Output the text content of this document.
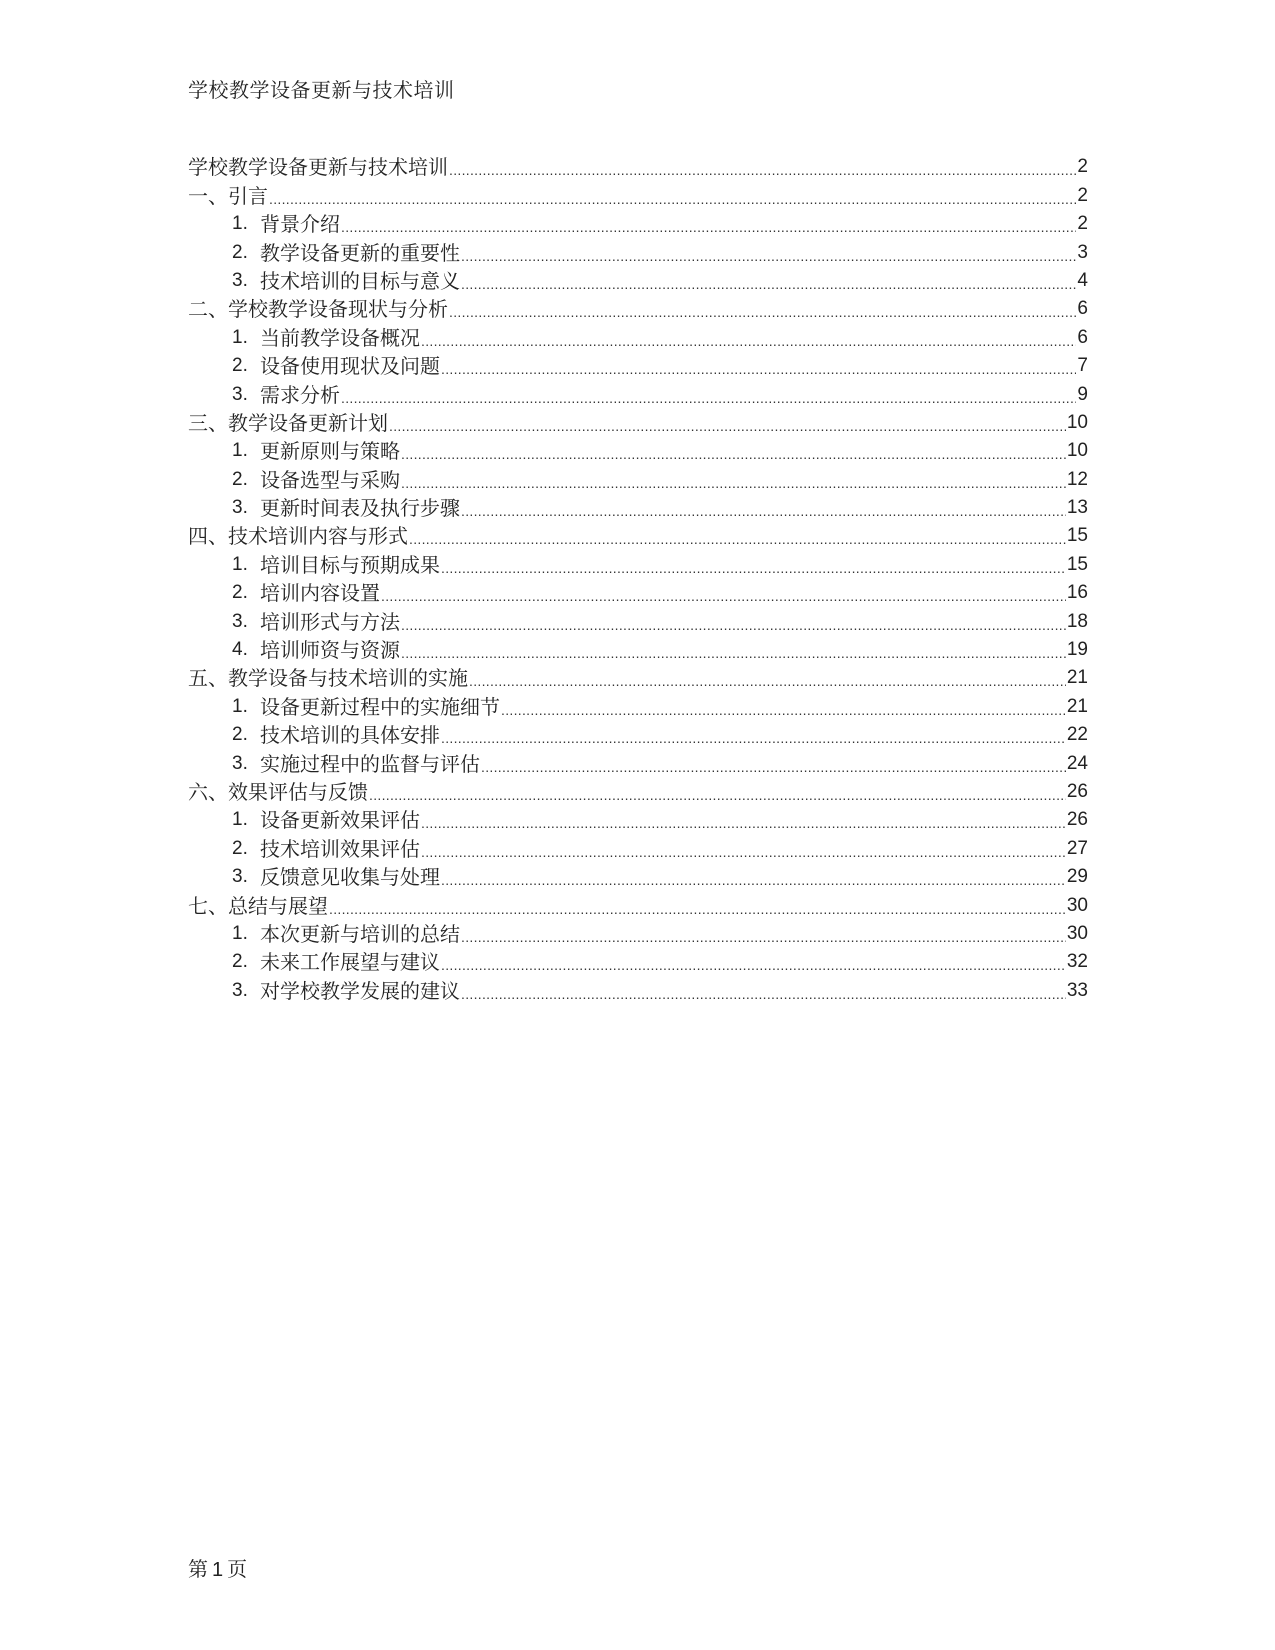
学校教学设备更新与技术培训
学校教学设备更新与技术培训 .....	2
一、引言 .....	2
1. 背景介绍 .....	2
2. 教学设备更新的重要性 .....	3
3. 技术培训的目标与意义 .....	4
二、学校教学设备现状与分析 .....	6
1. 当前教学设备概况 .....	6
2. 设备使用现状及问题 .....	7
3. 需求分析 .....	9
三、教学设备更新计划 .....	10
1. 更新原则与策略 .....	10
2. 设备选型与采购 .....	12
3. 更新时间表及执行步骤 .....	13
四、技术培训内容与形式 .....	15
1. 培训目标与预期成果 .....	15
2. 培训内容设置 .....	16
3. 培训形式与方法 .....	18
4. 培训师资与资源 .....	19
五、教学设备与技术培训的实施 .....	21
1. 设备更新过程中的实施细节 .....	21
2. 技术培训的具体安排 .....	22
3. 实施过程中的监督与评估 .....	24
六、效果评估与反馈 .....	26
1. 设备更新效果评估 .....	26
2. 技术培训效果评估 .....	27
3. 反馈意见收集与处理 .....	29
七、总结与展望 .....	30
1. 本次更新与培训的总结 .....	30
2. 未来工作展望与建议 .....	32
3. 对学校教学发展的建议 .....	33
第 1 页
